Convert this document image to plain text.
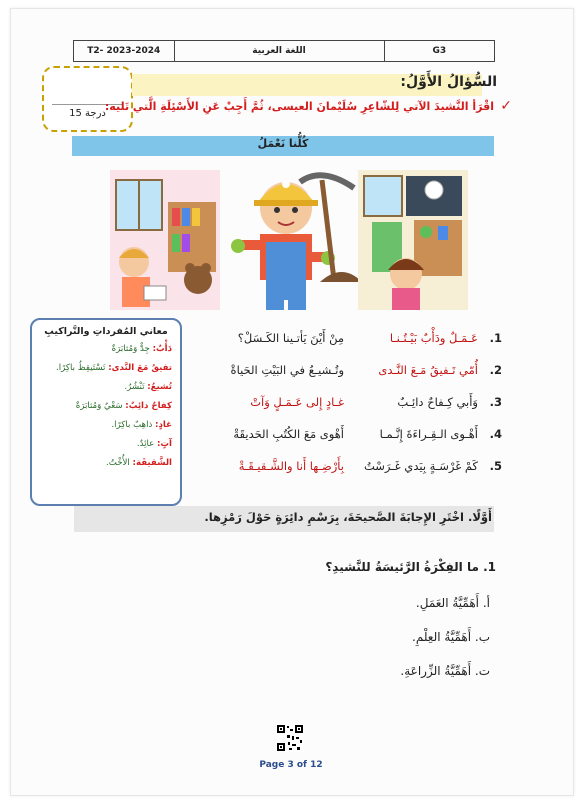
T2- 2023-2024	اللغة العربية	G3
15 درجة
السُّؤالُ الأَوَّلُ:
✓
اقْرَأ النَّشيدَ الآتي لِلشّاعِرِ سُلَيْمانَ العيسى، ثُمَّ أَجِبْ عَنِ الأَسْئِلَةِ الَّتي تَليه:
كُلُّنا نَعْمَلُ
معاني المُفرداتِ والتَّراكيبِ
دَأْبٌ: جِدٌّ وَمُثابَرَةٌ
تفيقُ مَعَ النَّدى: تَسْتَيقِظُ باكِرًا.
تُشيعُ: تَنْشُرُ.
كِفاحٌ دائِبٌ: سَعْيٌ وَمُثابَرَةٌ
غادٍ: ذاهِبٌ باكِرًا.
آتٍ: عائِدٌ.
الشَّقيقَة: الأُخْتُ.
1.
عَـمَـلٌ ودَأْبٌ بَيْـتُـنـا
مِنْ أَيْنَ يَأتـينا الكَـسَلْ؟
2.
أُمّي تَـفيقُ مَـعَ النَّـدى
وتُـشيـعُ في البَيْتِ الحَياةْ
3.
وَأَبي كِـفاحٌ دائِـبٌ
غـادٍ إِلى عَـمَـلٍ وَآتْ
4.
أَهْـوى الـقِـراءَةَ إِنَّـمـا
أَهْوى مَعَ الكُتُبِ الحَديقَةْ
5.
كَمْ غَرْسَـةٍ بِيَدي غَـرَسْتُ
بِأَرْضِـها أَنا والشَّـقيـقَـةْ
أَوَّلًا. اخْتَرِ الإِجابَةَ الصَّحيحَةَ، بِرَسْمِ دائِرَةٍ حَوْلَ رَمْزِها.
1. ما الفِكْرَةُ الرَّئيسَةُ للنَّشيدِ؟
أ. أَهَمِّيَّةُ العَمَلِ.
ب. أَهَمِّيَّةُ العِلْمِ.
ت. أَهَمِّيَّةُ الزِّراعَةِ.
Page 3 of 12
